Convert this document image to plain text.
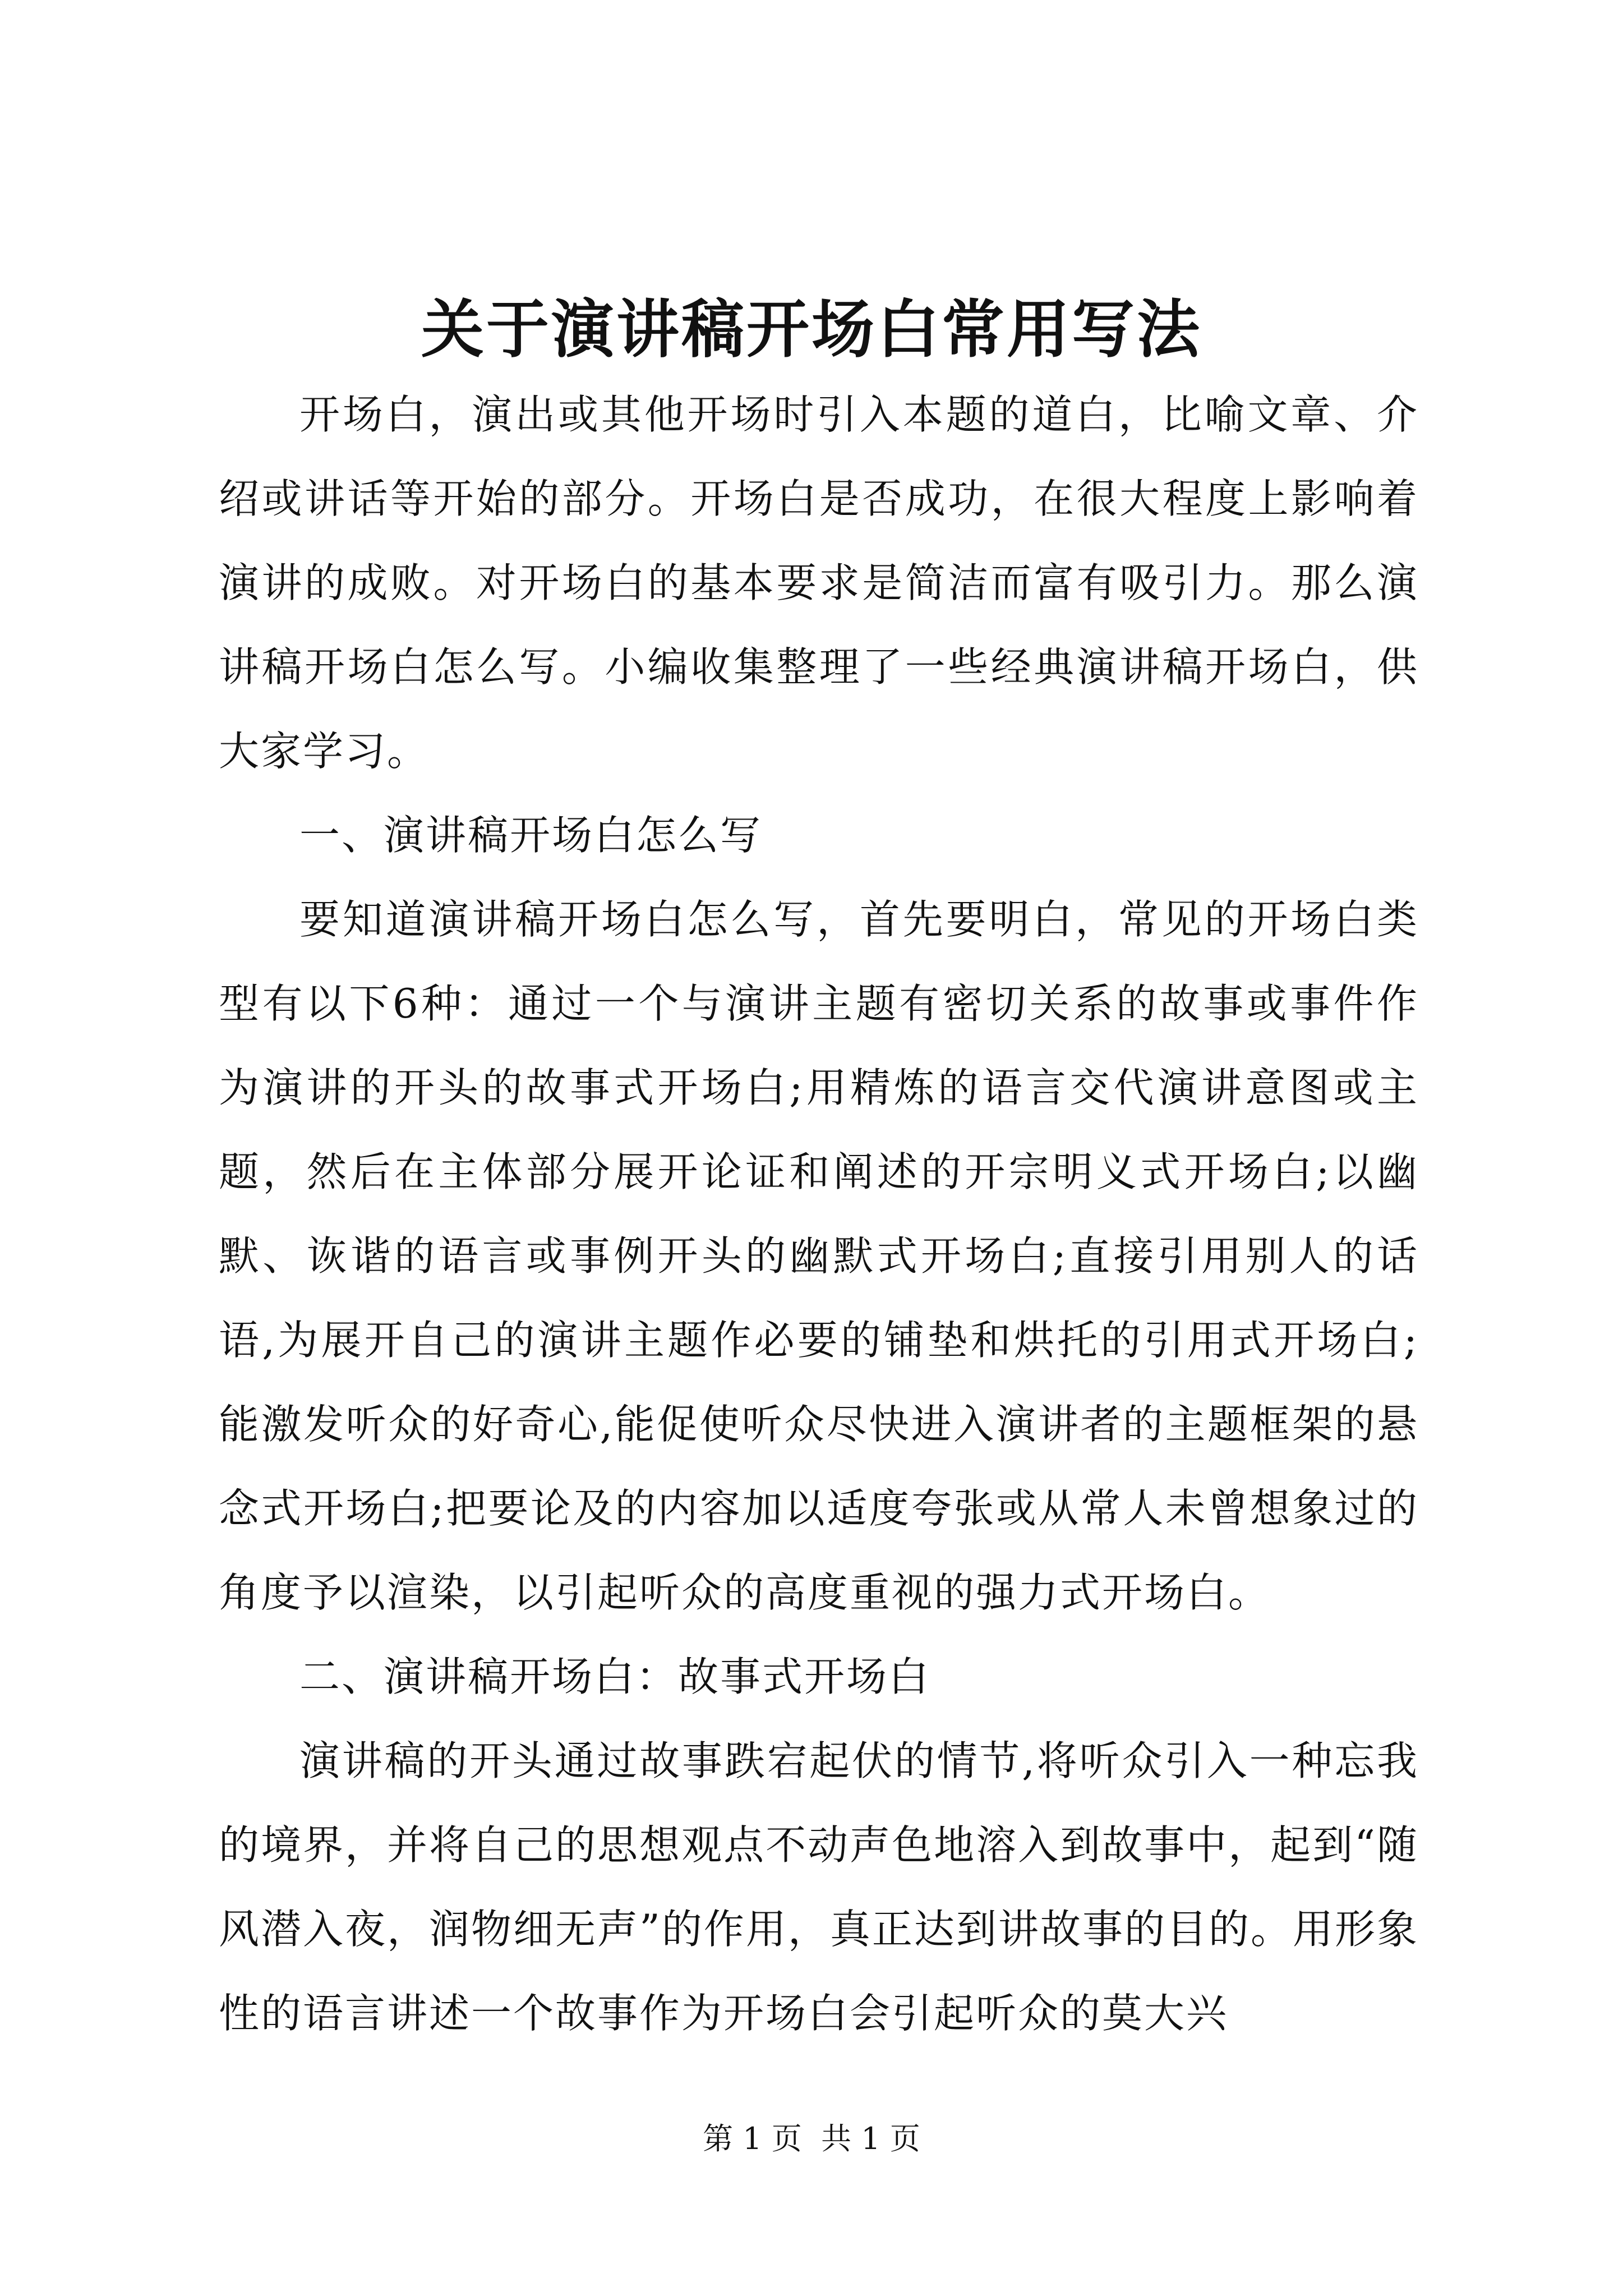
关于演讲稿开场白常用写法

开场白，演出或其他开场时引入本题的道白，比喻文章、介绍或讲话等开始的部分。开场白是否成功，在很大程度上影响着演讲的成败。对开场白的基本要求是简洁而富有吸引力。那么演讲稿开场白怎么写。小编收集整理了一些经典演讲稿开场白，供大家学习。

一、演讲稿开场白怎么写

要知道演讲稿开场白怎么写，首先要明白，常见的开场白类型有以下6种：通过一个与演讲主题有密切关系的故事或事件作为演讲的开头的故事式开场白;用精炼的语言交代演讲意图或主题，然后在主体部分展开论证和阐述的开宗明义式开场白;以幽默、诙谐的语言或事例开头的幽默式开场白;直接引用别人的话语,为展开自己的演讲主题作必要的铺垫和烘托的引用式开场白;能激发听众的好奇心,能促使听众尽快进入演讲者的主题框架的悬念式开场白;把要论及的内容加以适度夸张或从常人未曾想象过的角度予以渲染，以引起听众的高度重视的强力式开场白。

二、演讲稿开场白：故事式开场白

演讲稿的开头通过故事跌宕起伏的情节,将听众引入一种忘我的境界，并将自己的思想观点不动声色地溶入到故事中，起到“随风潜入夜，润物细无声”的作用，真正达到讲故事的目的。用形象性的语言讲述一个故事作为开场白会引起听众的莫大兴

第 1 页  共 1 页
